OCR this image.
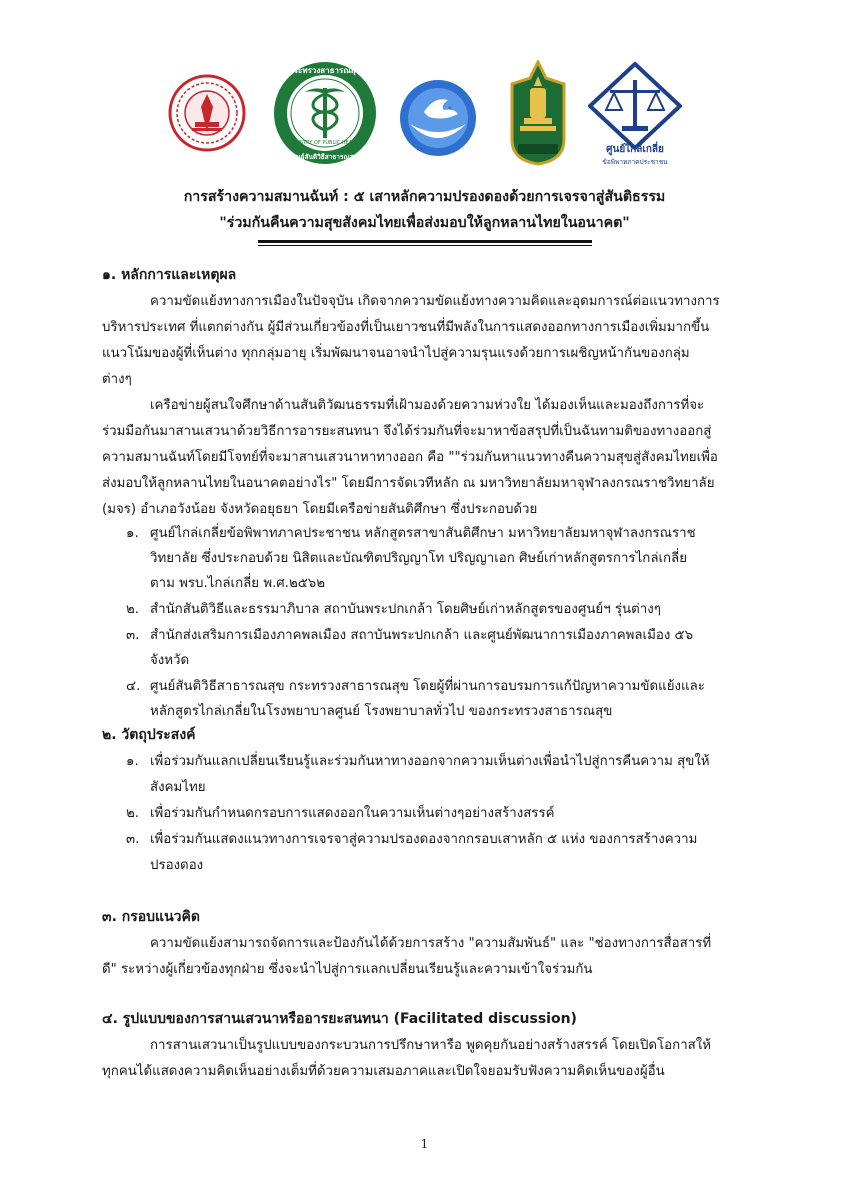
กระทรวงสาธารณสุข
MINISTRY OF PUBLIC HEALTH
ศูนย์สันติวิธีสาธารณสุข
ศูนย์ไกล่เกลี่ย
ข้อพิพาทภาคประชาชน
การสร้างความสมานฉันท์ : ๕ เสาหลักความปรองดองด้วยการเจรจาสู่สันติธรรม
"ร่วมกันคืนความสุขสังคมไทยเพื่อส่งมอบให้ลูกหลานไทยในอนาคต"
๑. หลักการและเหตุผล
ความขัดแย้งทางการเมืองในปัจจุบัน เกิดจากความขัดแย้งทางความคิดและอุดมการณ์ต่อแนวทางการ
บริหารประเทศ ที่แตกต่างกัน ผู้มีส่วนเกี่ยวข้องที่เป็นเยาวชนที่มีพลังในการแสดงออกทางการเมืองเพิ่มมากขึ้น
แนวโน้มของผู้ที่เห็นต่าง ทุกกลุ่มอายุ เริ่มพัฒนาจนอาจนำไปสู่ความรุนแรงด้วยการเผชิญหน้ากันของกลุ่ม
ต่างๆ
เครือข่ายผู้สนใจศึกษาด้านสันติวัฒนธรรมที่เฝ้ามองด้วยความห่วงใย ได้มองเห็นและมองถึงการที่จะ
ร่วมมือกันมาสานเสวนาด้วยวิธีการอารยะสนทนา จึงได้ร่วมกันที่จะมาหาข้อสรุปที่เป็นฉันทามติของทางออกสู่
ความสมานฉันท์โดยมีโจทย์ที่จะมาสานเสวนาหาทางออก คือ ""ร่วมกันหาแนวทางคืนความสุขสู่สังคมไทยเพื่อ
ส่งมอบให้ลูกหลานไทยในอนาคตอย่างไร" โดยมีการจัดเวทีหลัก ณ มหาวิทยาลัยมหาจุฬาลงกรณราชวิทยาลัย
(มจร) อำเภอวังน้อย จังหวัดอยุธยา โดยมีเครือข่ายสันติศึกษา ซึ่งประกอบด้วย
๑. ศูนย์ไกล่เกลี่ยข้อพิพาทภาคประชาชน หลักสูตรสาขาสันติศึกษา มหาวิทยาลัยมหาจุฬาลงกรณราช
วิทยาลัย ซึ่งประกอบด้วย นิสิตและบัณฑิตปริญญาโท ปริญญาเอก ศิษย์เก่าหลักสูตรการไกล่เกลี่ย
ตาม พรบ.ไกล่เกลี่ย พ.ศ.๒๕๖๒
๒. สำนักสันติวิธีและธรรมาภิบาล สถาบันพระปกเกล้า โดยศิษย์เก่าหลักสูตรของศูนย์ฯ รุ่นต่างๆ
๓. สำนักส่งเสริมการเมืองภาคพลเมือง สถาบันพระปกเกล้า และศูนย์พัฒนาการเมืองภาคพลเมือง ๕๖
จังหวัด
๔. ศูนย์สันติวิธีสาธารณสุข กระทรวงสาธารณสุข โดยผู้ที่ผ่านการอบรมการแก้ปัญหาความขัดแย้งและ
หลักสูตรไกล่เกลี่ยในโรงพยาบาลศูนย์ โรงพยาบาลทั่วไป ของกระทรวงสาธารณสุข
๒. วัตถุประสงค์
๑. เพื่อร่วมกันแลกเปลี่ยนเรียนรู้และร่วมกันหาทางออกจากความเห็นต่างเพื่อนำไปสู่การคืนความ สุขให้
สังคมไทย
๒. เพื่อร่วมกันกำหนดกรอบการแสดงออกในความเห็นต่างๆอย่างสร้างสรรค์
๓. เพื่อร่วมกันแสดงแนวทางการเจรจาสู่ความปรองดองจากกรอบเสาหลัก ๕ แห่ง ของการสร้างความ
ปรองดอง
๓. กรอบแนวคิด
ความขัดแย้งสามารถจัดการและป้องกันได้ด้วยการสร้าง "ความสัมพันธ์" และ "ช่องทางการสื่อสารที่
ดี" ระหว่างผู้เกี่ยวข้องทุกฝ่าย ซึ่งจะนำไปสู่การแลกเปลี่ยนเรียนรู้และความเข้าใจร่วมกัน
๔. รูปแบบของการสานเสวนาหรืออารยะสนทนา (Facilitated discussion)
การสานเสวนาเป็นรูปแบบของกระบวนการปรึกษาหารือ พูดคุยกันอย่างสร้างสรรค์ โดยเปิดโอกาสให้
ทุกคนได้แสดงความคิดเห็นอย่างเต็มที่ด้วยความเสมอภาคและเปิดใจยอมรับฟังความคิดเห็นของผู้อื่น
1
